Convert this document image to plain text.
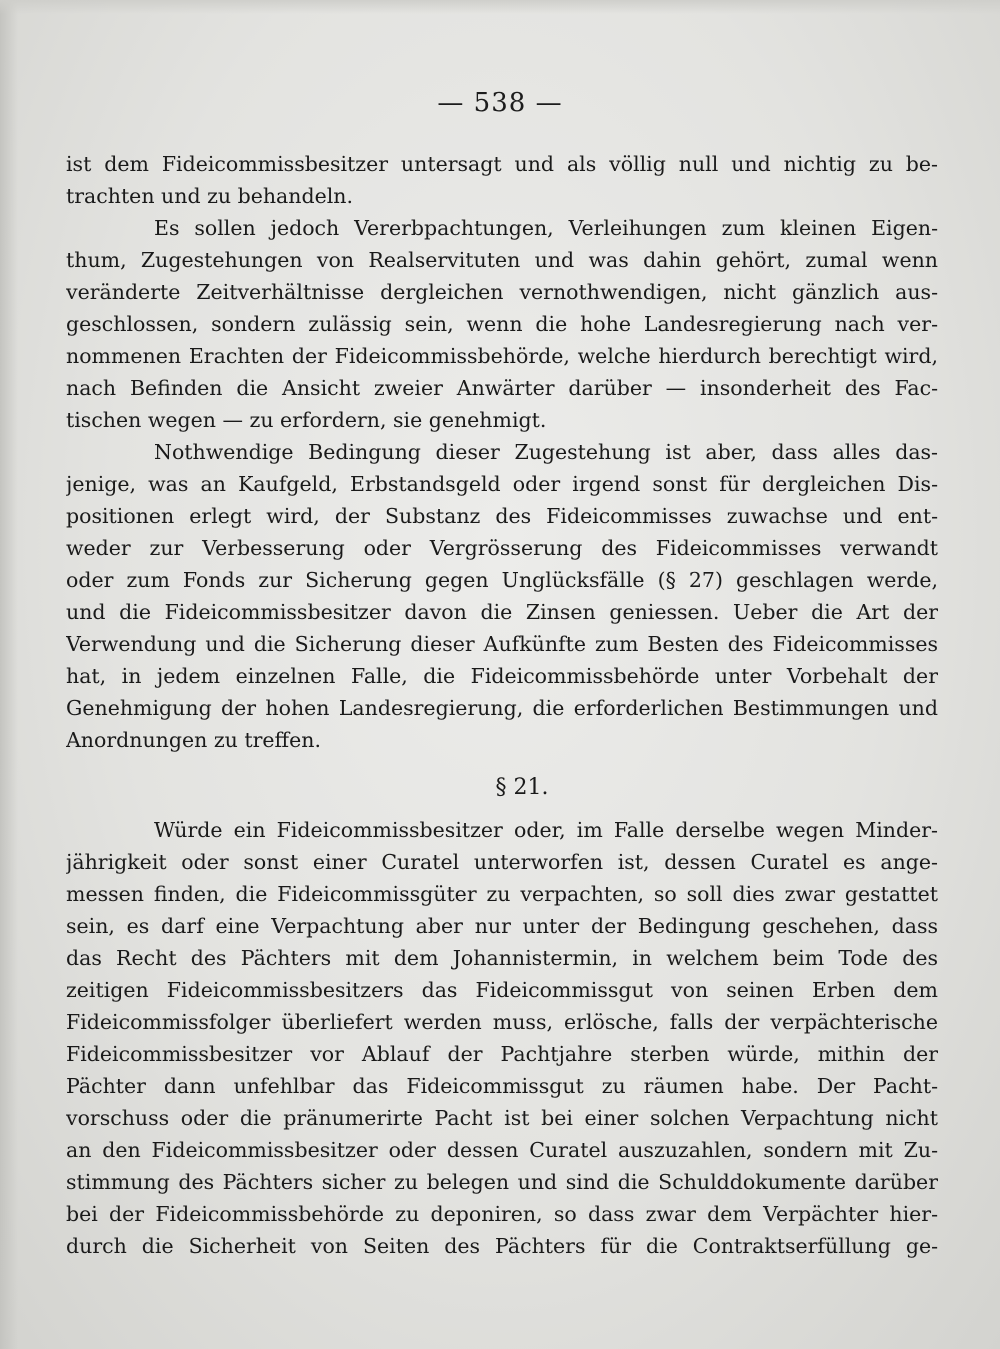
— 538 —
ist dem Fideicommissbesitzer untersagt und als völlig null und nichtig zu be-
trachten und zu behandeln.
Es sollen jedoch Vererbpachtungen, Verleihungen zum kleinen Eigen-
thum, Zugestehungen von Realservituten und was dahin gehört, zumal wenn
veränderte Zeitverhältnisse dergleichen vernothwendigen, nicht gänzlich aus-
geschlossen, sondern zulässig sein, wenn die hohe Landesregierung nach ver-
nommenen Erachten der Fideicommissbehörde, welche hierdurch berechtigt wird,
nach Befinden die Ansicht zweier Anwärter darüber — insonderheit des Fac-
tischen wegen — zu erfordern, sie genehmigt.
Nothwendige Bedingung dieser Zugestehung ist aber, dass alles das-
jenige, was an Kaufgeld, Erbstandsgeld oder irgend sonst für dergleichen Dis-
positionen erlegt wird, der Substanz des Fideicommisses zuwachse und ent-
weder zur Verbesserung oder Vergrösserung des Fideicommisses verwandt
oder zum Fonds zur Sicherung gegen Unglücksfälle (§ 27) geschlagen werde,
und die Fideicommissbesitzer davon die Zinsen geniessen. Ueber die Art der
Verwendung und die Sicherung dieser Aufkünfte zum Besten des Fideicommisses
hat, in jedem einzelnen Falle, die Fideicommissbehörde unter Vorbehalt der
Genehmigung der hohen Landesregierung, die erforderlichen Bestimmungen und
Anordnungen zu treffen.
§ 21.
Würde ein Fideicommissbesitzer oder, im Falle derselbe wegen Minder-
jährigkeit oder sonst einer Curatel unterworfen ist, dessen Curatel es ange-
messen finden, die Fideicommissgüter zu verpachten, so soll dies zwar gestattet
sein, es darf eine Verpachtung aber nur unter der Bedingung geschehen, dass
das Recht des Pächters mit dem Johannistermin, in welchem beim Tode des
zeitigen Fideicommissbesitzers das Fideicommissgut von seinen Erben dem
Fideicommissfolger überliefert werden muss, erlösche, falls der verpächterische
Fideicommissbesitzer vor Ablauf der Pachtjahre sterben würde, mithin der
Pächter dann unfehlbar das Fideicommissgut zu räumen habe. Der Pacht-
vorschuss oder die pränumerirte Pacht ist bei einer solchen Verpachtung nicht
an den Fideicommissbesitzer oder dessen Curatel auszuzahlen, sondern mit Zu-
stimmung des Pächters sicher zu belegen und sind die Schulddokumente darüber
bei der Fideicommissbehörde zu deponiren, so dass zwar dem Verpächter hier-
durch die Sicherheit von Seiten des Pächters für die Contraktserfüllung ge-
